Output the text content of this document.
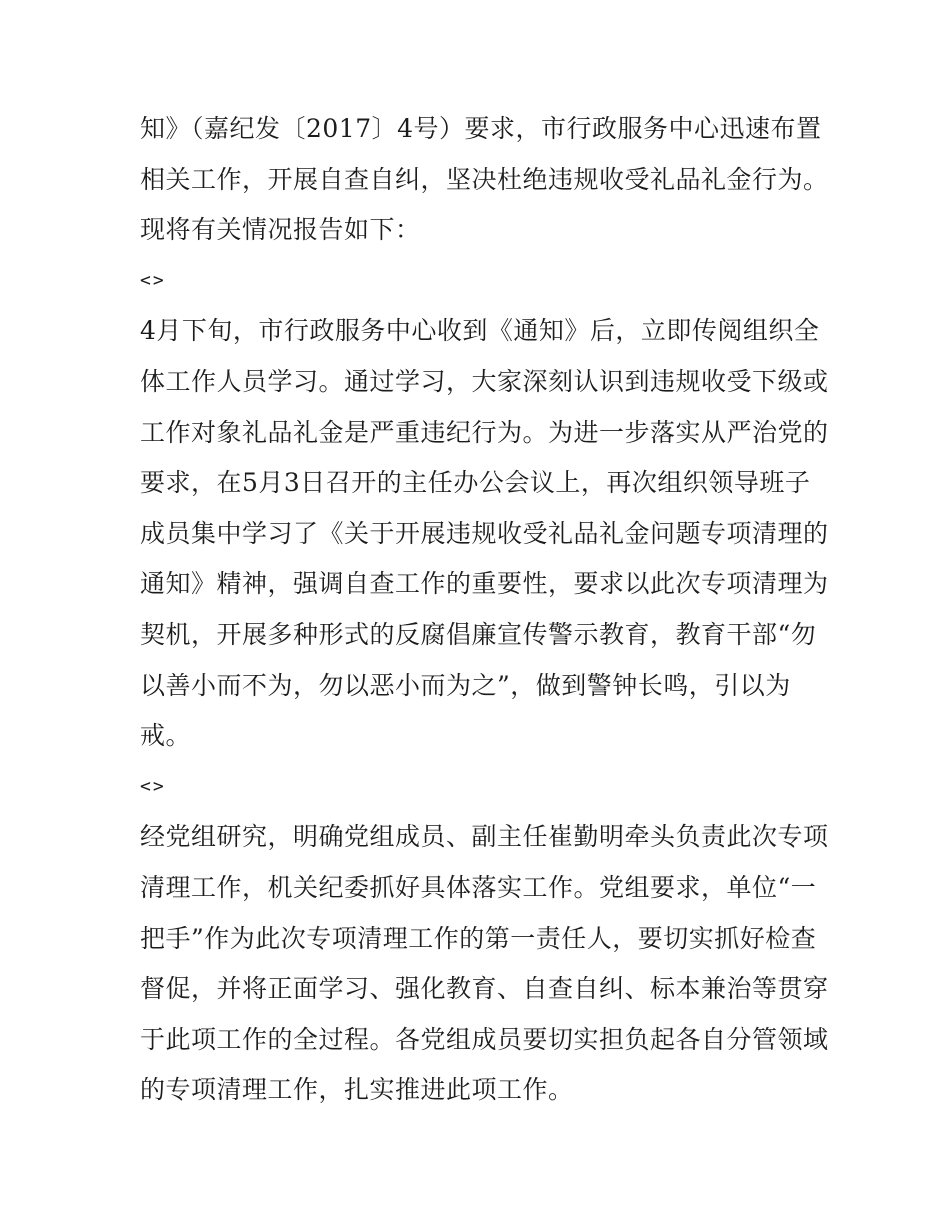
知》（嘉纪发〔2017〕4号）要求，市行政服务中心迅速布置
相关工作，开展自查自纠，坚决杜绝违规收受礼品礼金行为。
现将有关情况报告如下：
<>
4月下旬，市行政服务中心收到《通知》后，立即传阅组织全
体工作人员学习。通过学习，大家深刻认识到违规收受下级或
工作对象礼品礼金是严重违纪行为。为进一步落实从严治党的
要求，在5月3日召开的主任办公会议上，再次组织领导班子
成员集中学习了《关于开展违规收受礼品礼金问题专项清理的
通知》精神，强调自查工作的重要性，要求以此次专项清理为
契机，开展多种形式的反腐倡廉宣传警示教育，教育干部“勿
以善小而不为，勿以恶小而为之”，做到警钟长鸣，引以为
戒。
<>
经党组研究，明确党组成员、副主任崔勤明牵头负责此次专项
清理工作，机关纪委抓好具体落实工作。党组要求，单位“一
把手”作为此次专项清理工作的第一责任人，要切实抓好检查
督促，并将正面学习、强化教育、自查自纠、标本兼治等贯穿
于此项工作的全过程。各党组成员要切实担负起各自分管领域
的专项清理工作，扎实推进此项工作。
